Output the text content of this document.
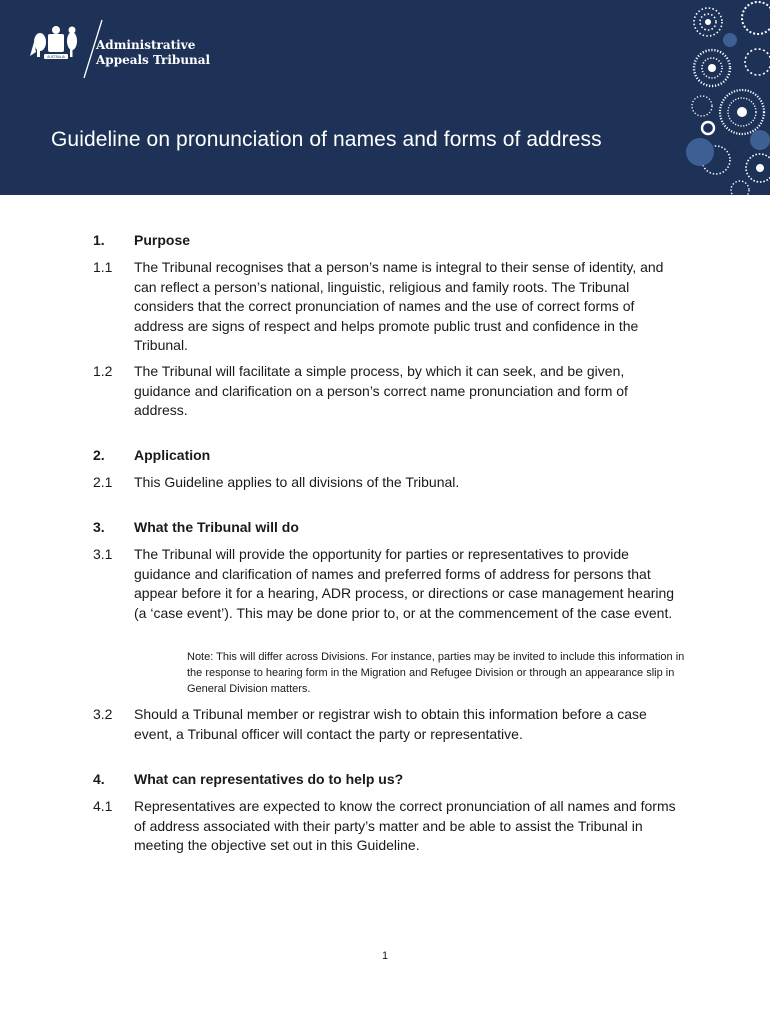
AUSTRALIA
Administrative
Appeals Tribunal
Guideline on pronunciation of names and forms of address
1. Purpose
1.1 The Tribunal recognises that a person’s name is integral to their sense of identity, and can reflect a person’s national, linguistic, religious and family roots. The Tribunal considers that the correct pronunciation of names and the use of correct forms of address are signs of respect and helps promote public trust and confidence in the Tribunal.
1.2 The Tribunal will facilitate a simple process, by which it can seek, and be given, guidance and clarification on a person’s correct name pronunciation and form of address.
2. Application
2.1 This Guideline applies to all divisions of the Tribunal.
3. What the Tribunal will do
3.1 The Tribunal will provide the opportunity for parties or representatives to provide guidance and clarification of names and preferred forms of address for persons that appear before it for a hearing, ADR process, or directions or case management hearing (a ‘case event’). This may be done prior to, or at the commencement of the case event.
Note: This will differ across Divisions. For instance, parties may be invited to include this information in the response to hearing form in the Migration and Refugee Division or through an appearance slip in General Division matters.
3.2 Should a Tribunal member or registrar wish to obtain this information before a case event, a Tribunal officer will contact the party or representative.
4. What can representatives do to help us?
4.1 Representatives are expected to know the correct pronunciation of all names and forms of address associated with their party’s matter and be able to assist the Tribunal in meeting the objective set out in this Guideline.
1
